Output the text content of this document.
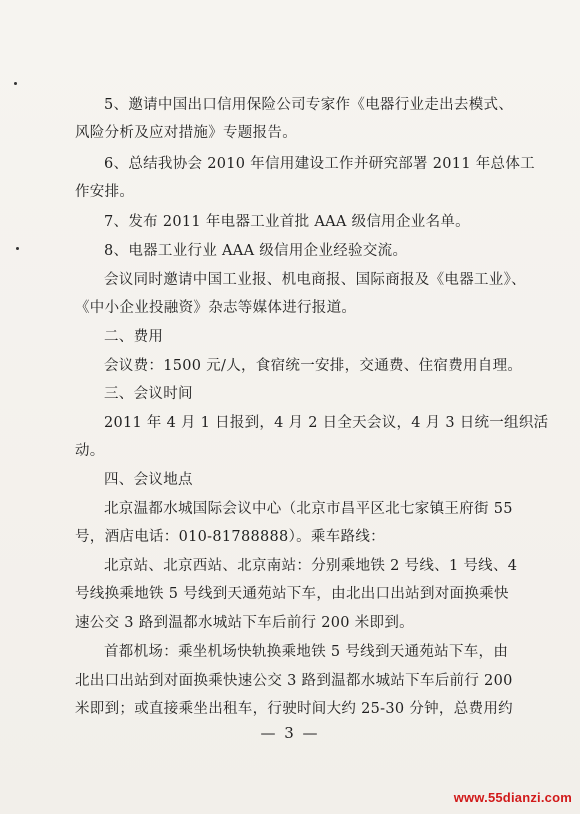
5、邀请中国出口信用保险公司专家作《电器行业走出去模式、
风险分析及应对措施》专题报告。
6、总结我协会 2010 年信用建设工作并研究部署 2011 年总体工
作安排。
7、发布 2011 年电器工业首批 AAA 级信用企业名单。
8、电器工业行业 AAA 级信用企业经验交流。
会议同时邀请中国工业报、机电商报、国际商报及《电器工业》、
《中小企业投融资》杂志等媒体进行报道。
二、费用
会议费：1500 元/人，食宿统一安排，交通费、住宿费用自理。
三、会议时间
2011 年 4 月 1 日报到，4 月 2 日全天会议，4 月 3 日统一组织活
动。
四、会议地点
北京温都水城国际会议中心（北京市昌平区北七家镇王府街 55
号，酒店电话：010-81788888）。乘车路线：
北京站、北京西站、北京南站：分别乘地铁 2 号线、1 号线、4
号线换乘地铁 5 号线到天通苑站下车，由北出口出站到对面换乘快
速公交 3 路到温都水城站下车后前行 200 米即到。
首都机场：乘坐机场快轨换乘地铁 5 号线到天通苑站下车，由
北出口出站到对面换乘快速公交 3 路到温都水城站下车后前行 200
米即到；或直接乘坐出租车，行驶时间大约 25-30 分钟，总费用约
— 3 —
www.55dianzi.com
